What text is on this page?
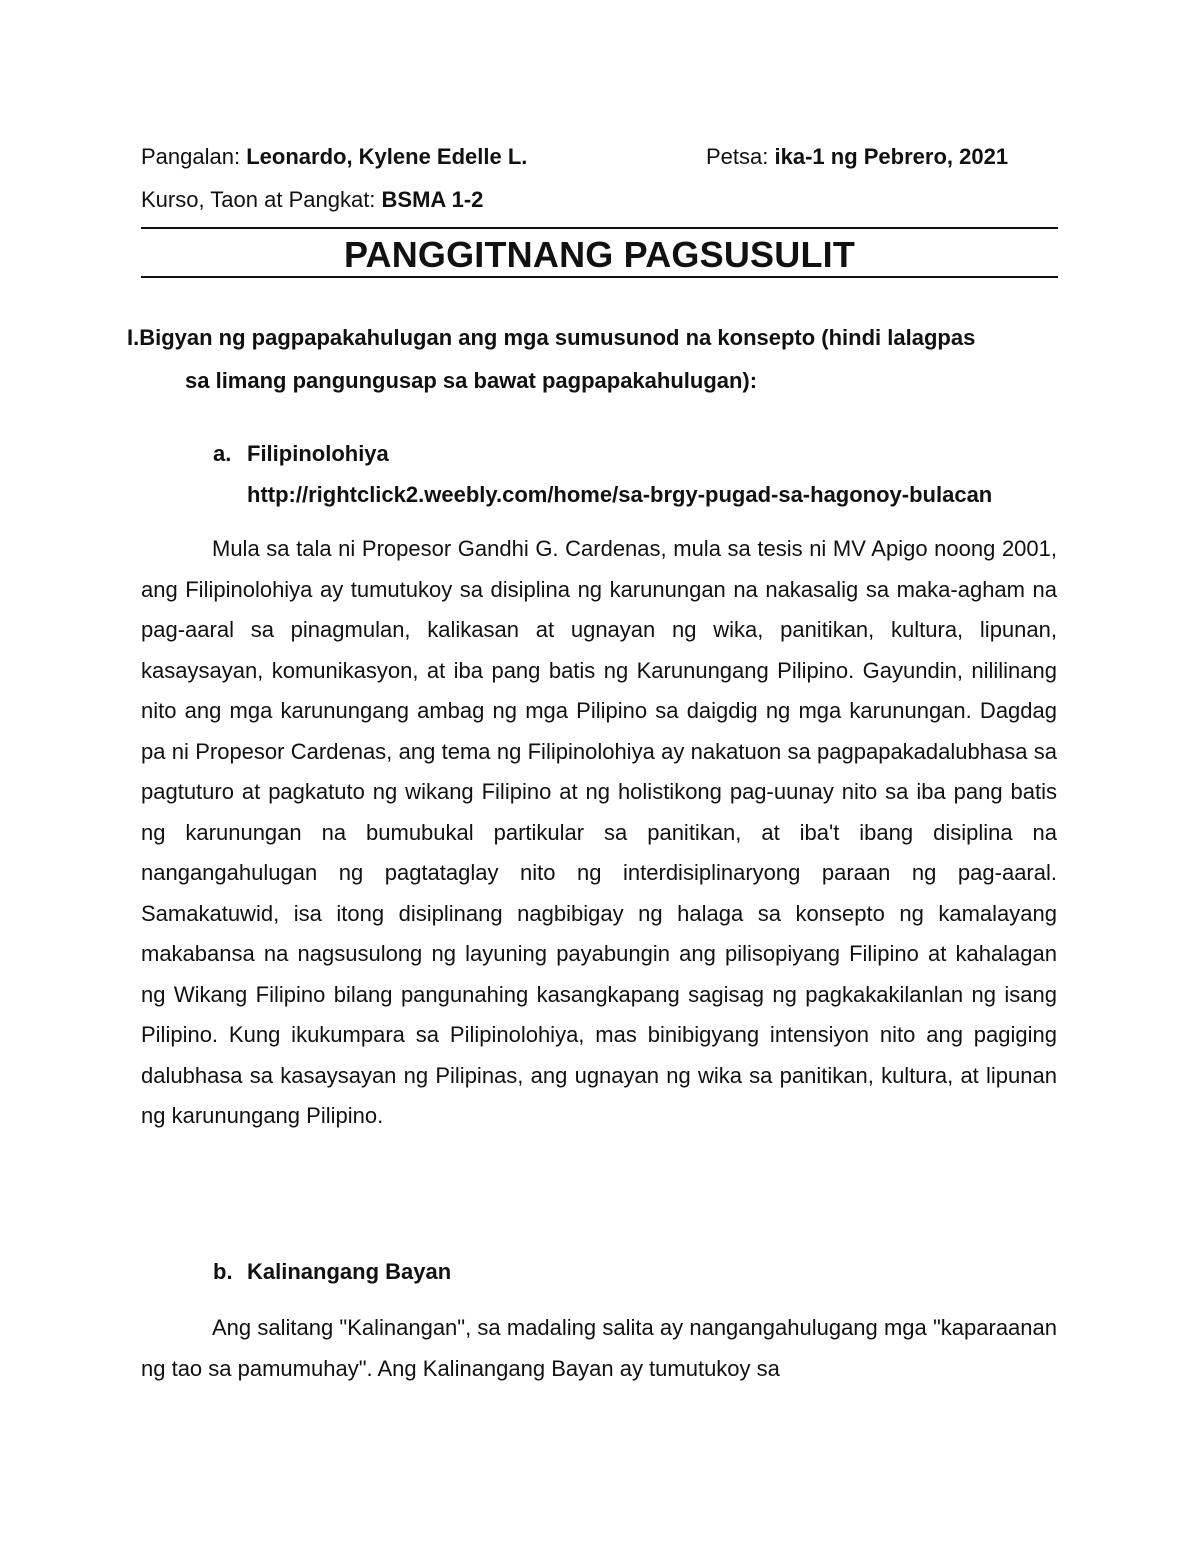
Pangalan: Leonardo, Kylene Edelle L.	Petsa: ika-1 ng Pebrero, 2021
Kurso, Taon at Pangkat: BSMA 1-2
PANGGITNANG PAGSUSULIT
I.Bigyan ng pagpapakahulugan ang mga sumusunod na konsepto (hindi lalagpas
sa limang pangungusap sa bawat pagpapakahulugan):
a. Filipinolohiya
http://rightclick2.weebly.com/home/sa-brgy-pugad-sa-hagonoy-bulacan

Mula sa tala ni Propesor Gandhi G. Cardenas, mula sa tesis ni MV Apigo noong 2001, ang Filipinolohiya ay tumutukoy sa disiplina ng karunungan na nakasalig sa maka-agham na pag-aaral sa pinagmulan, kalikasan at ugnayan ng wika, panitikan, kultura, lipunan, kasaysayan, komunikasyon, at iba pang batis ng Karunungang Pilipino. Gayundin, nililinang nito ang mga karunungang ambag ng mga Pilipino sa daigdig ng mga karunungan. Dagdag pa ni Propesor Cardenas, ang tema ng Filipinolohiya ay nakatuon sa pagpapakadalubhasa sa pagtuturo at pagkatuto ng wikang Filipino at ng holistikong pag-uunay nito sa iba pang batis ng karunungan na bumubukal partikular sa panitikan, at iba't ibang disiplina na nangangahulugan ng pagtataglay nito ng interdisiplinaryong paraan ng pag-aaral. Samakatuwid, isa itong disiplinang nagbibigay ng halaga sa konsepto ng kamalayang makabansa na nagsusulong ng layuning payabungin ang pilisopiyang Filipino at kahalagan ng Wikang Filipino bilang pangunahing kasangkapang sagisag ng pagkakakilanlan ng isang Pilipino. Kung ikukumpara sa Pilipinolohiya, mas binibigyang intensiyon nito ang pagiging dalubhasa sa kasaysayan ng Pilipinas, ang ugnayan ng wika sa panitikan, kultura, at lipunan ng karunungang Pilipino.

b. Kalinangang Bayan

Ang salitang "Kalinangan", sa madaling salita ay nangangahulugang mga "kaparaanan ng tao sa pamumuhay". Ang Kalinangang Bayan ay tumutukoy sa
